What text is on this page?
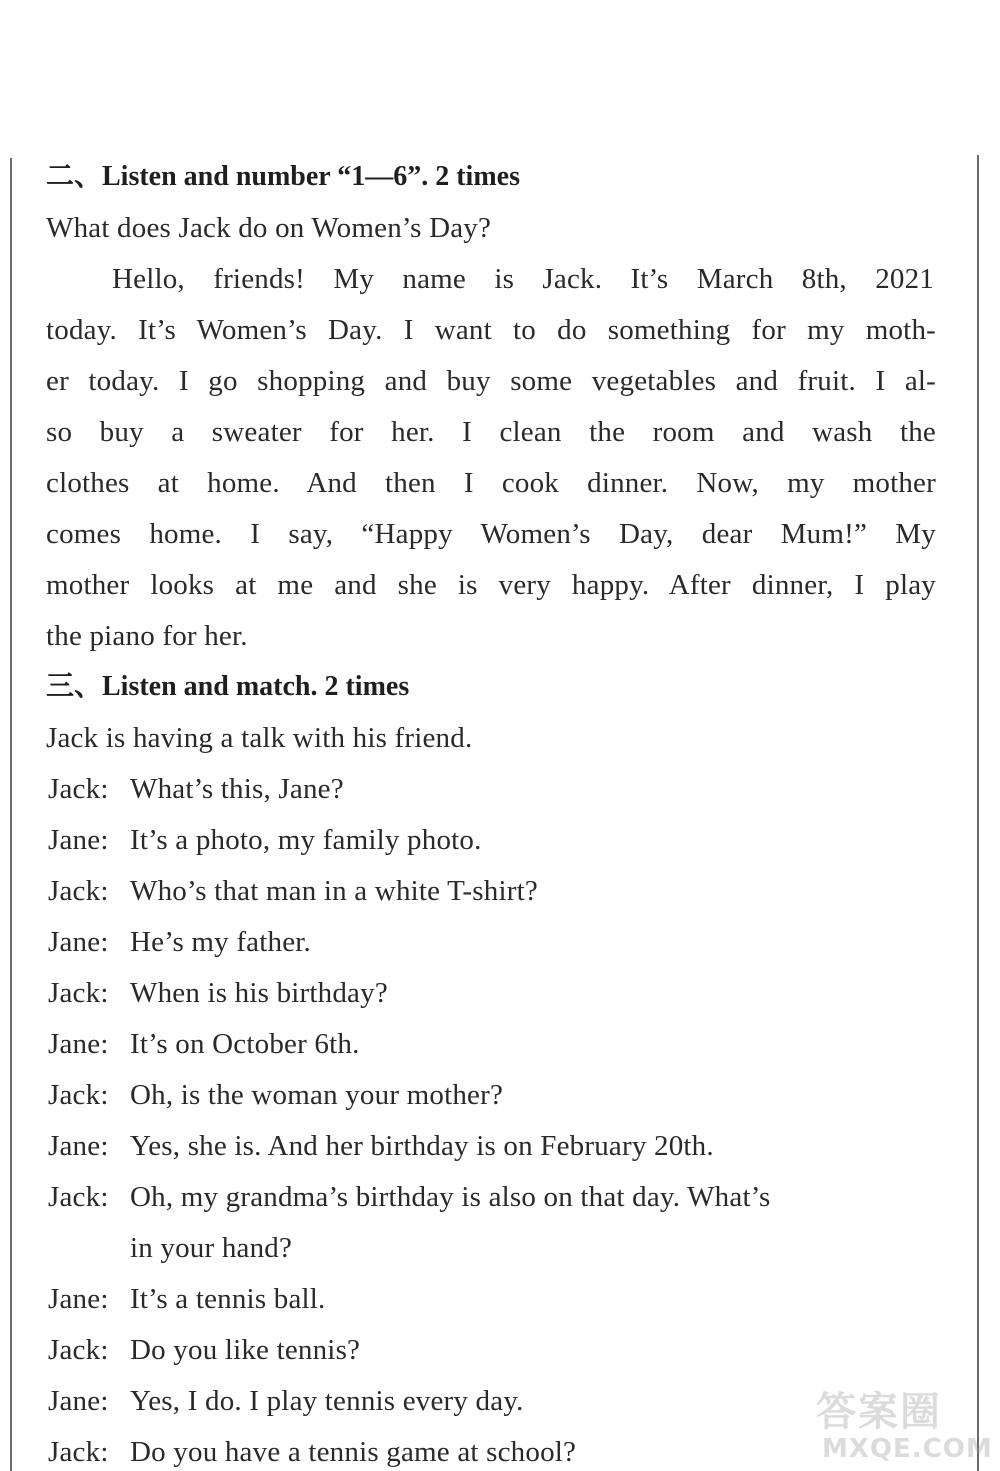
二、Listen and number “1—6”. 2 times
What does Jack do on Women’s Day?
Hello, friends! My name is Jack. It’s March 8th, 2021
today. It’s Women’s Day. I want to do something for my moth-
er today. I go shopping and buy some vegetables and fruit. I al-
so buy a sweater for her. I clean the room and wash the
clothes at home. And then I cook dinner. Now, my mother
comes home. I say, “Happy Women’s Day, dear Mum!” My
mother looks at me and she is very happy. After dinner, I play
the piano for her.
三、Listen and match. 2 times
Jack is having a talk with his friend.
Jack: What’s this, Jane?
Jane: It’s a photo, my family photo.
Jack: Who’s that man in a white T-shirt?
Jane: He’s my father.
Jack: When is his birthday?
Jane: It’s on October 6th.
Jack: Oh, is the woman your mother?
Jane: Yes, she is. And her birthday is on February 20th.
Jack: Oh, my grandma’s birthday is also on that day. What’s
in your hand?
Jane: It’s a tennis ball.
Jack: Do you like tennis?
Jane: Yes, I do. I play tennis every day.
Jack: Do you have a tennis game at school?
答案圈
MXQE.COM
